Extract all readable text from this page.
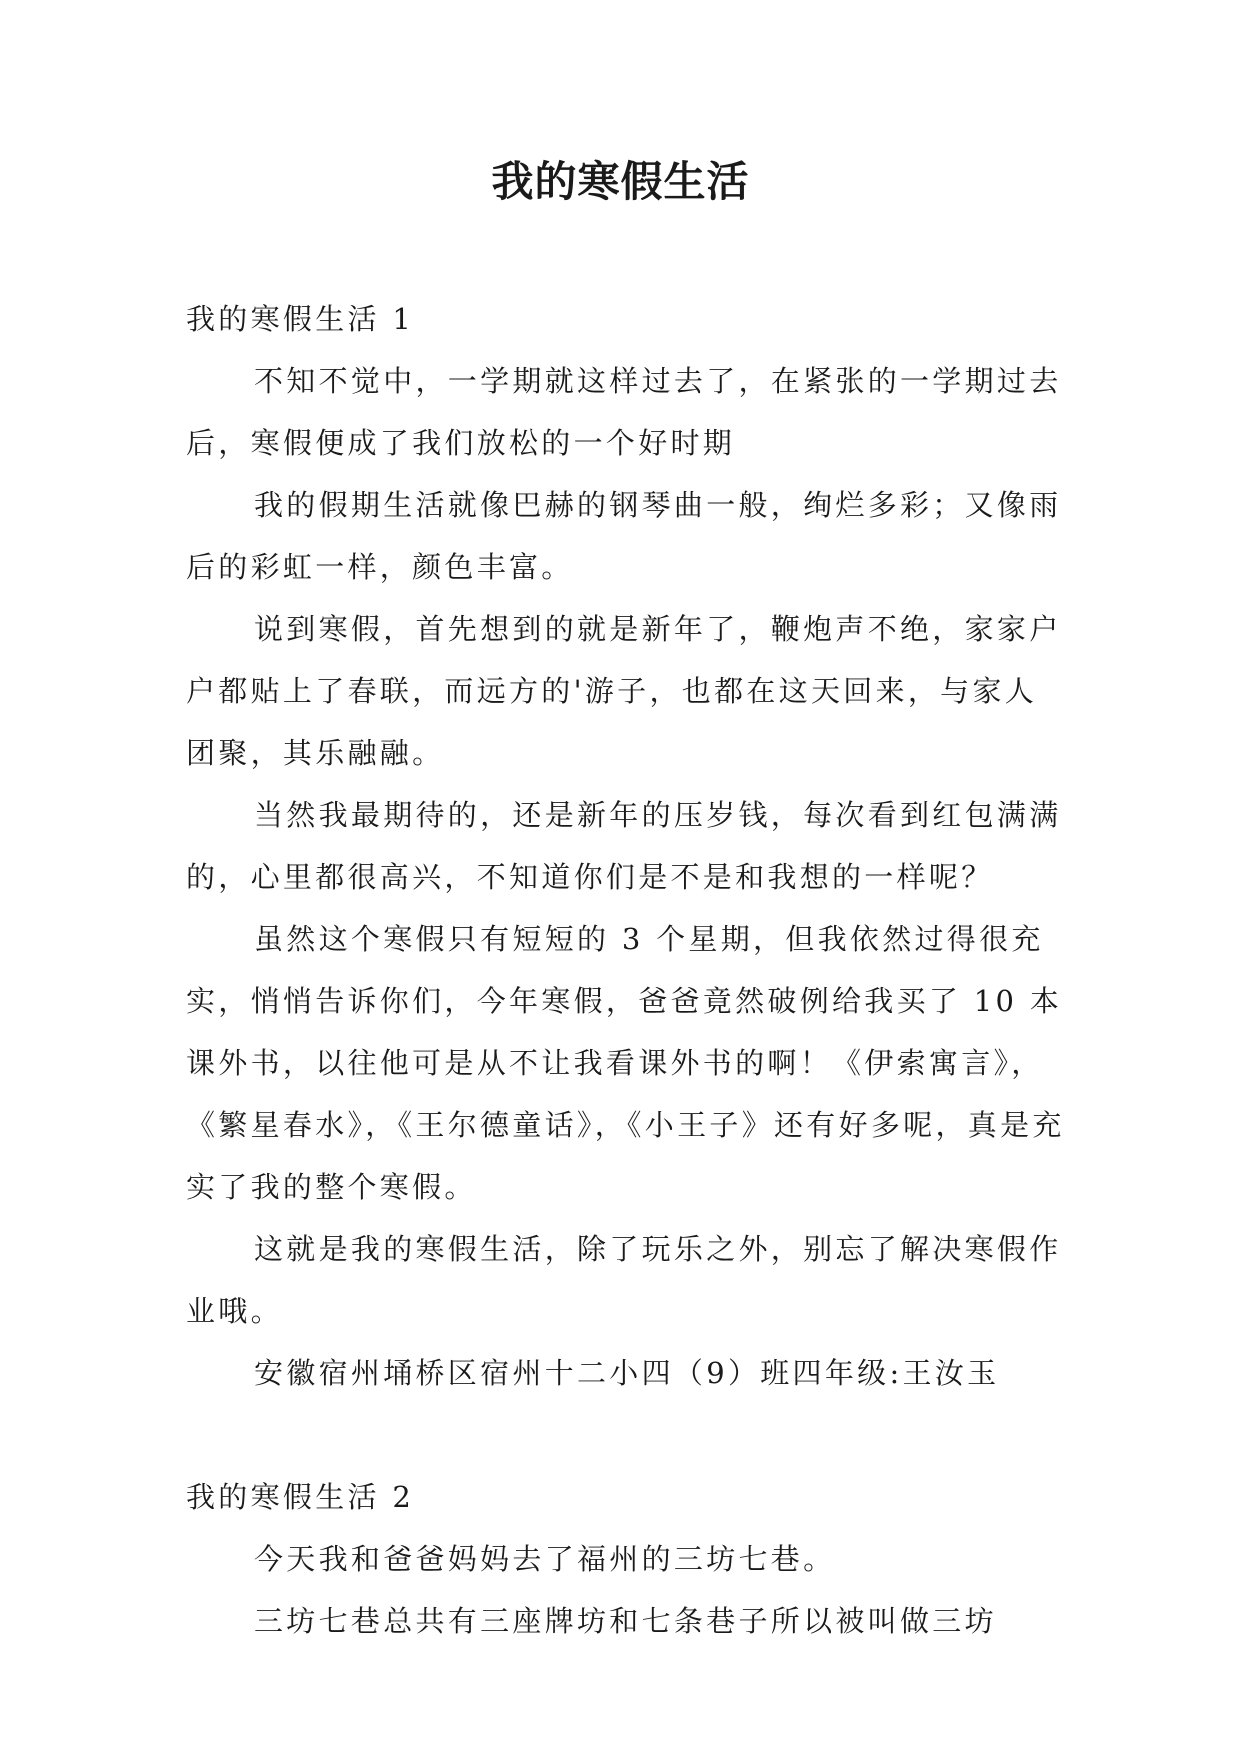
我的寒假生活

我的寒假生活 1

不知不觉中，一学期就这样过去了，在紧张的一学期过去后，寒假便成了我们放松的一个好时期

我的假期生活就像巴赫的钢琴曲一般，绚烂多彩；又像雨后的彩虹一样，颜色丰富。

说到寒假，首先想到的就是新年了，鞭炮声不绝，家家户户都贴上了春联，而远方的'游子，也都在这天回来，与家人团聚，其乐融融。

当然我最期待的，还是新年的压岁钱，每次看到红包满满的，心里都很高兴，不知道你们是不是和我想的一样呢？

虽然这个寒假只有短短的 3 个星期，但我依然过得很充实，悄悄告诉你们，今年寒假，爸爸竟然破例给我买了 10 本课外书，以往他可是从不让我看课外书的啊！《伊索寓言》，《繁星春水》，《王尔德童话》，《小王子》还有好多呢，真是充实了我的整个寒假。

这就是我的寒假生活，除了玩乐之外，别忘了解决寒假作业哦。

安徽宿州埇桥区宿州十二小四（9）班四年级:王汝玉

我的寒假生活 2

今天我和爸爸妈妈去了福州的三坊七巷。

三坊七巷总共有三座牌坊和七条巷子所以被叫做三坊
